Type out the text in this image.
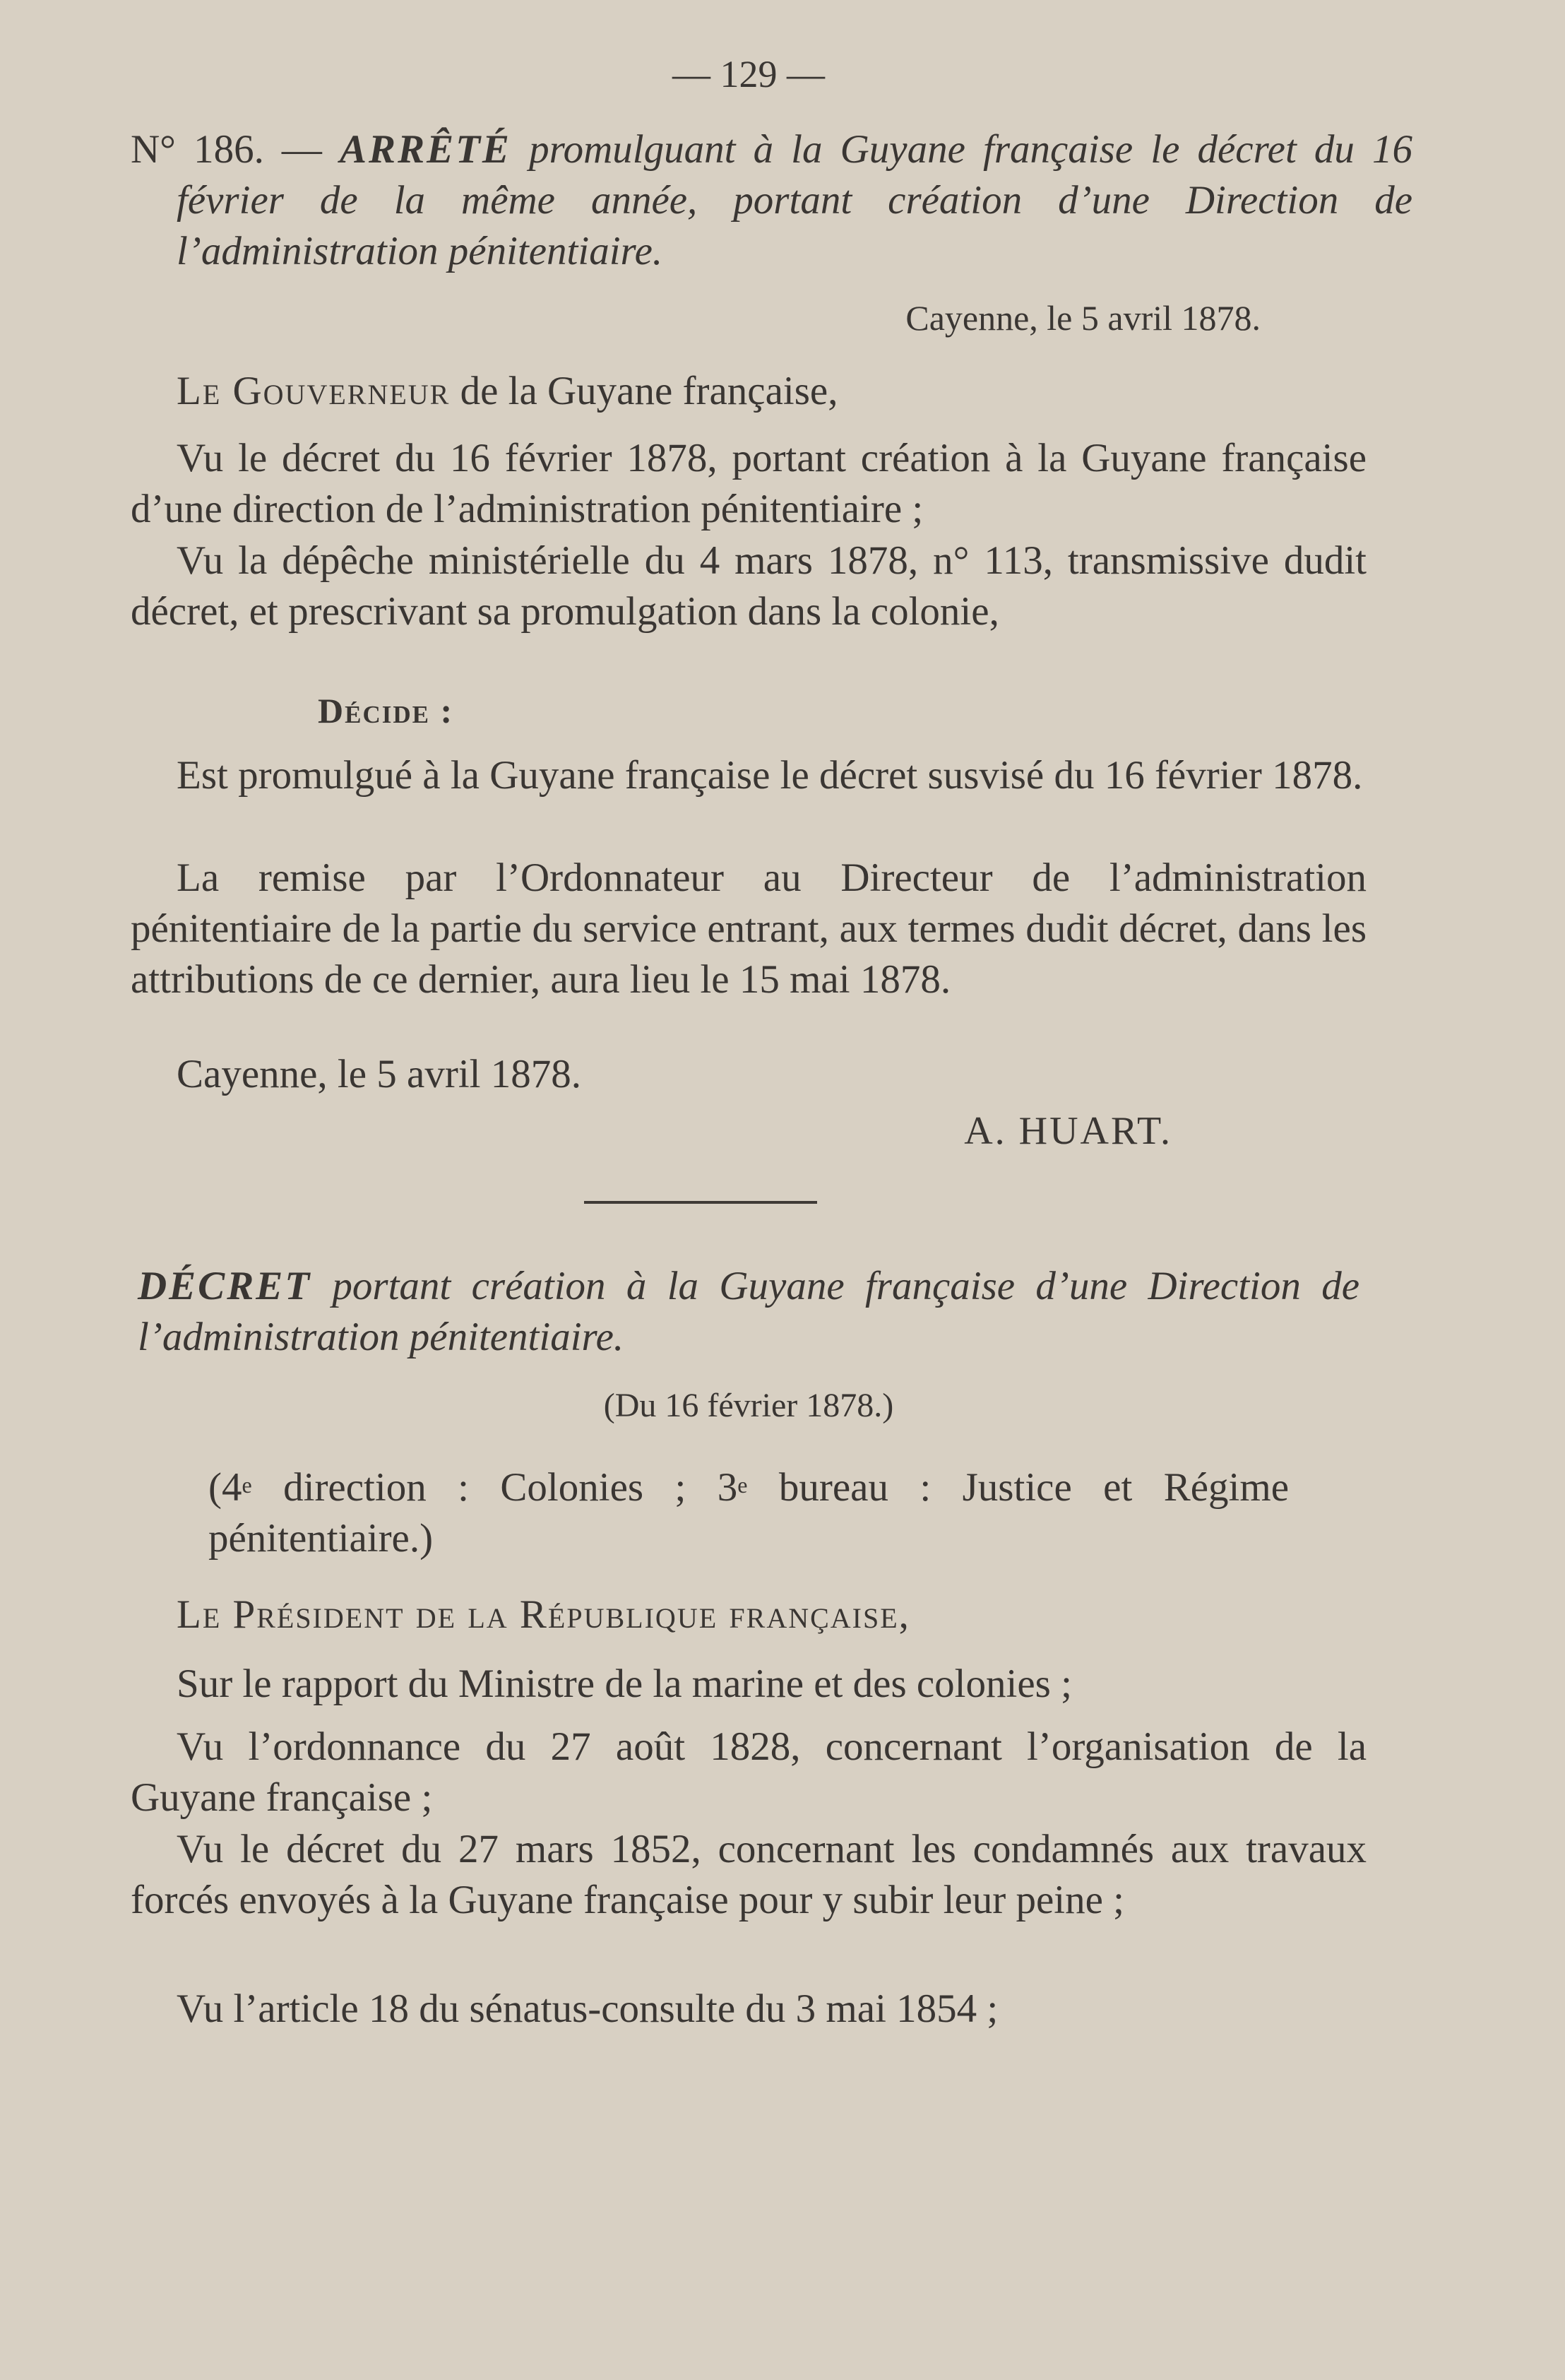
— 129 —
N° 186. — ARRÊTÉ promulguant à la Guyane française le décret du 16 février de la même année, portant création d’une Direction de l’administration pénitentiaire.
Cayenne, le 5 avril 1878.
Le Gouverneur de la Guyane française,
Vu le décret du 16 février 1878, portant création à la Guyane française d’une direction de l’administration pénitentiaire ;
Vu la dépêche ministérielle du 4 mars 1878, n° 113, transmissive dudit décret, et prescrivant sa promulgation dans la colonie,
Décide :
Est promulgué à la Guyane française le décret susvisé du 16 février 1878.
La remise par l’Ordonnateur au Directeur de l’administration pénitentiaire de la partie du service entrant, aux termes dudit décret, dans les attributions de ce dernier, aura lieu le 15 mai 1878.
Cayenne, le 5 avril 1878.
A. HUART.
DÉCRET portant création à la Guyane française d’une Direction de l’administration pénitentiaire.
(Du 16 février 1878.)
(4e direction : Colonies ; 3e bureau : Justice et Régime pénitentiaire.)
Le Président de la République française,
Sur le rapport du Ministre de la marine et des colonies ;
Vu l’ordonnance du 27 août 1828, concernant l’organisation de la Guyane française ;
Vu le décret du 27 mars 1852, concernant les condamnés aux travaux forcés envoyés à la Guyane française pour y subir leur peine ;
Vu l’article 18 du sénatus-consulte du 3 mai 1854 ;
